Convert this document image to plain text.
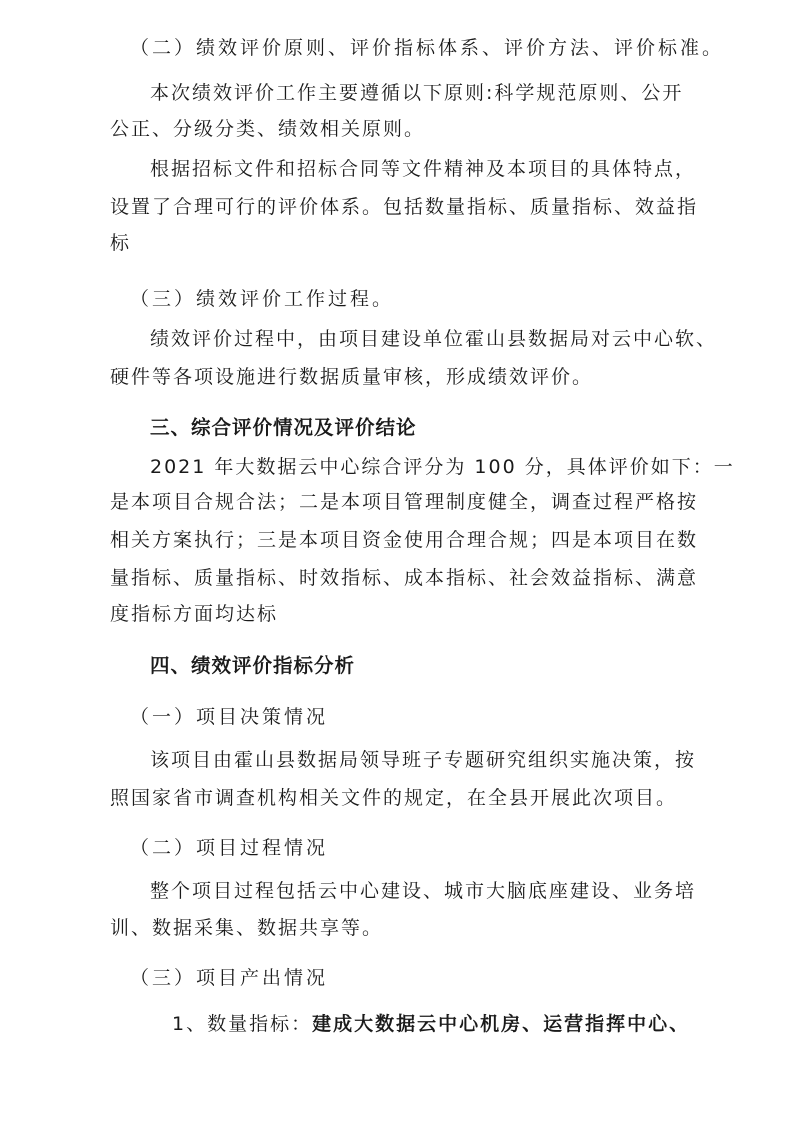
（二）绩效评价原则、评价指标体系、评价方法、评价标准。
本次绩效评价工作主要遵循以下原则:科学规范原则、公开
公正、分级分类、绩效相关原则。
根据招标文件和招标合同等文件精神及本项目的具体特点，
设置了合理可行的评价体系。包括数量指标、质量指标、效益指
标
（三）绩效评价工作过程。
绩效评价过程中，由项目建设单位霍山县数据局对云中心软、
硬件等各项设施进行数据质量审核，形成绩效评价。
三、综合评价情况及评价结论
2021 年大数据云中心综合评分为 100 分，具体评价如下：一
是本项目合规合法；二是本项目管理制度健全，调查过程严格按
相关方案执行；三是本项目资金使用合理合规；四是本项目在数
量指标、质量指标、时效指标、成本指标、社会效益指标、满意
度指标方面均达标
四、绩效评价指标分析
（一）项目决策情况
该项目由霍山县数据局领导班子专题研究组织实施决策，按
照国家省市调查机构相关文件的规定，在全县开展此次项目。
（二）项目过程情况
整个项目过程包括云中心建设、城市大脑底座建设、业务培
训、数据采集、数据共享等。
（三）项目产出情况
1、数量指标：建成大数据云中心机房、运营指挥中心、
